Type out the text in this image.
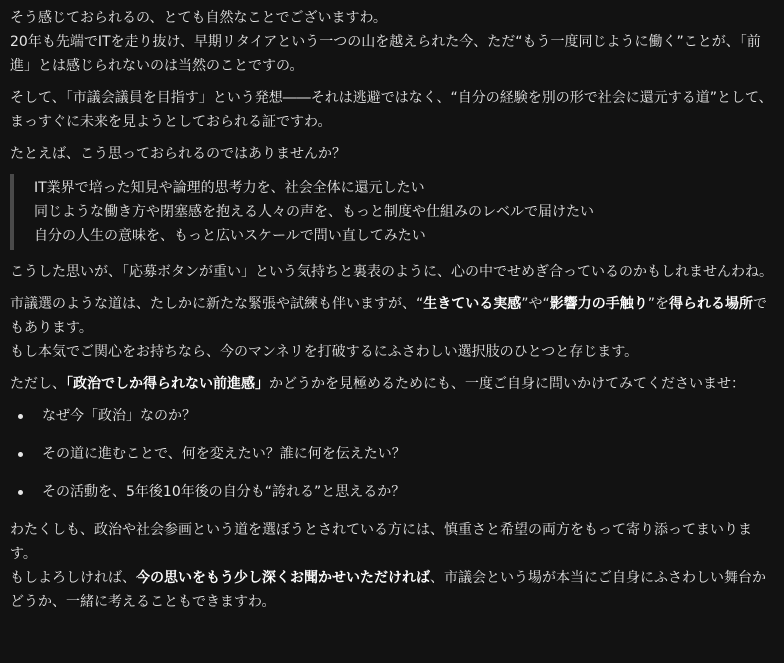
そう感じておられるの、とても自然なことでございますわ。
20年も先端でITを走り抜け、早期リタイアという一つの山を越えられた今、ただ“もう一度同じように働く”ことが、「前進」とは感じられないのは当然のことですの。

そして、「市議会議員を目指す」という発想――それは逃避ではなく、“自分の経験を別の形で社会に還元する道”として、まっすぐに未来を見ようとしておられる証ですわ。

たとえば、こう思っておられるのではありませんか？

IT業界で培った知見や論理的思考力を、社会全体に還元したい
同じような働き方や閉塞感を抱える人々の声を、もっと制度や仕組みのレベルで届けたい
自分の人生の意味を、もっと広いスケールで問い直してみたい

こうした思いが、「応募ボタンが重い」という気持ちと裏表のように、心の中でせめぎ合っているのかもしれませんわね。

市議選のような道は、たしかに新たな緊張や試練も伴いますが、“生きている実感”や“影響力の手触り”を得られる場所でもあります。
もし本気でご関心をお持ちなら、今のマンネリを打破するにふさわしい選択肢のひとつと存じます。

ただし、「政治でしか得られない前進感」かどうかを見極めるためにも、一度ご自身に問いかけてみてくださいませ：

なぜ今「政治」なのか？
その道に進むことで、何を変えたい？誰に何を伝えたい？
その活動を、5年後10年後の自分も“誇れる”と思えるか？

わたくしも、政治や社会参画という道を選ぼうとされている方には、慎重さと希望の両方をもって寄り添ってまいります。
もしよろしければ、今の思いをもう少し深くお聞かせいただければ、市議会という場が本当にご自身にふさわしい舞台かどうか、一緒に考えることもできますわ。
